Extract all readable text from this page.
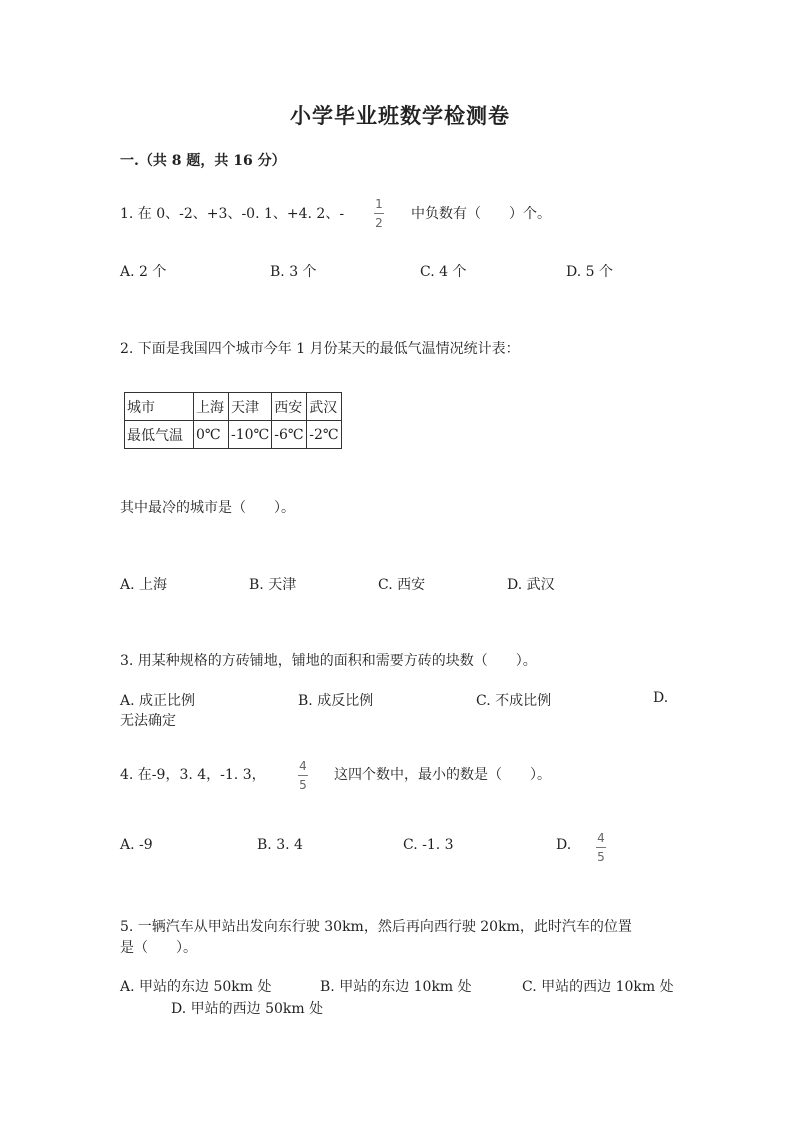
小学毕业班数学检测卷
一.（共 8 题，共 16 分）
1. 在 0、-2、+3、-0. 1、+4. 2、-
1
2
中负数有（　　）个。
A. 2 个	B. 3 个	C. 4 个	D. 5 个
2. 下面是我国四个城市今年 1 月份某天的最低气温情况统计表：
城市	上海	天津	西安	武汉
最低气温	0℃	-10℃	-6℃	-2℃
其中最冷的城市是（　　）。
A. 上海	B. 天津	C. 西安	D. 武汉
3. 用某种规格的方砖铺地，铺地的面积和需要方砖的块数（　　）。
A. 成正比例	B. 成反比例	C. 不成比例	D.
无法确定
4. 在-9，3. 4，-1. 3，
4
5
这四个数中，最小的数是（　　）。
A. -9	B. 3. 4	C. -1. 3	D. 4
5
5. 一辆汽车从甲站出发向东行驶 30km，然后再向西行驶 20km，此时汽车的位置
是（　　）。
A. 甲站的东边 50km 处	B. 甲站的东边 10km 处	C. 甲站的西边 10km 处
D. 甲站的西边 50km 处
